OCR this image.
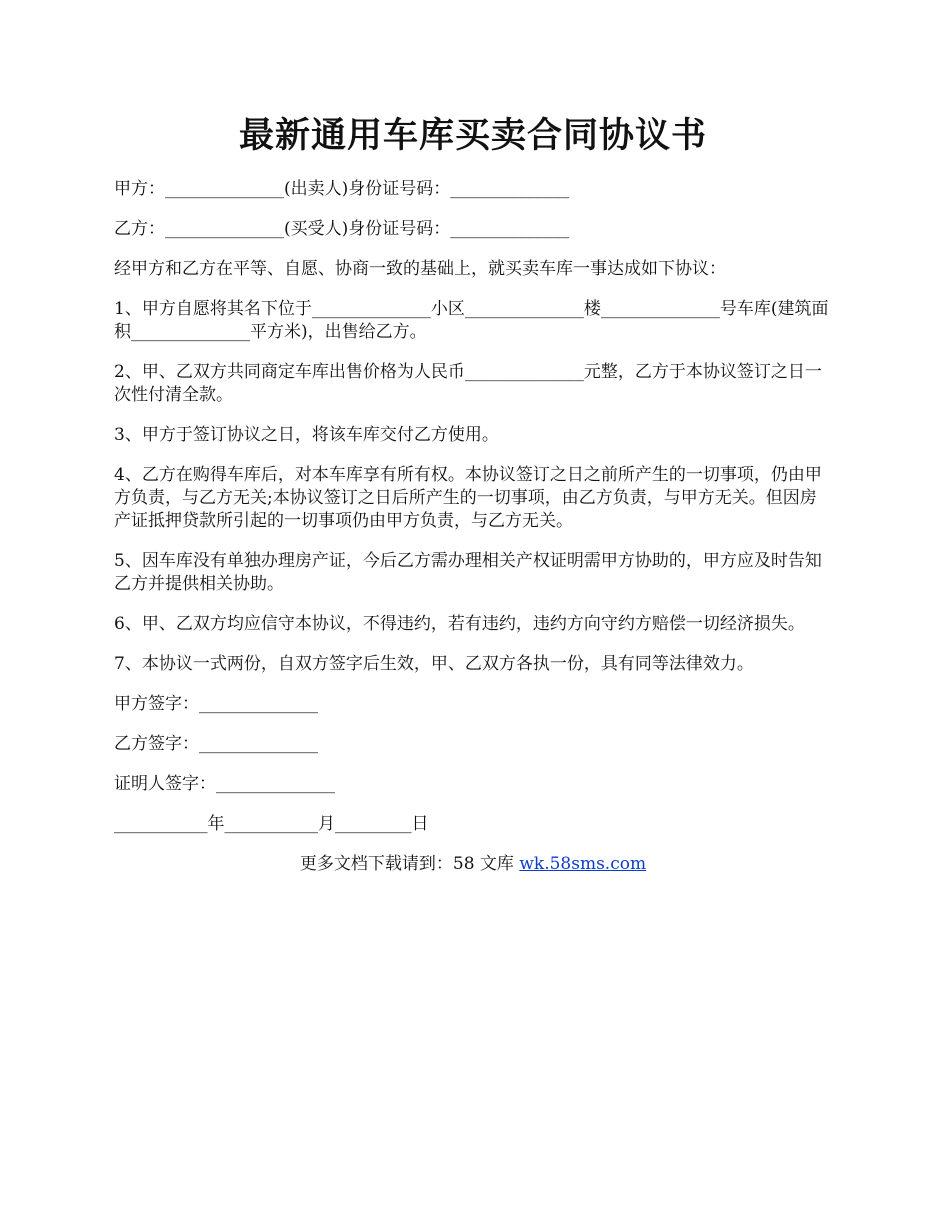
最新通用车库买卖合同协议书

甲方：______________(出卖人)身份证号码：______________

乙方：______________(买受人)身份证号码：______________

经甲方和乙方在平等、自愿、协商一致的基础上，就买卖车库一事达成如下协议：

1、甲方自愿将其名下位于______________小区______________楼______________号车库(建筑面积______________平方米)，出售给乙方。

2、甲、乙双方共同商定车库出售价格为人民币______________元整，乙方于本协议签订之日一次性付清全款。

3、甲方于签订协议之日，将该车库交付乙方使用。

4、乙方在购得车库后，对本车库享有所有权。本协议签订之日之前所产生的一切事项，仍由甲方负责，与乙方无关;本协议签订之日后所产生的一切事项，由乙方负责，与甲方无关。但因房产证抵押贷款所引起的一切事项仍由甲方负责，与乙方无关。

5、因车库没有单独办理房产证，今后乙方需办理相关产权证明需甲方协助的，甲方应及时告知乙方并提供相关协助。

6、甲、乙双方均应信守本协议，不得违约，若有违约，违约方向守约方赔偿一切经济损失。

7、本协议一式两份，自双方签字后生效，甲、乙双方各执一份，具有同等法律效力。

甲方签字：______________

乙方签字：______________

证明人签字：______________

___________年___________月_________日

更多文档下载请到：58 文库 wk.58sms.com
